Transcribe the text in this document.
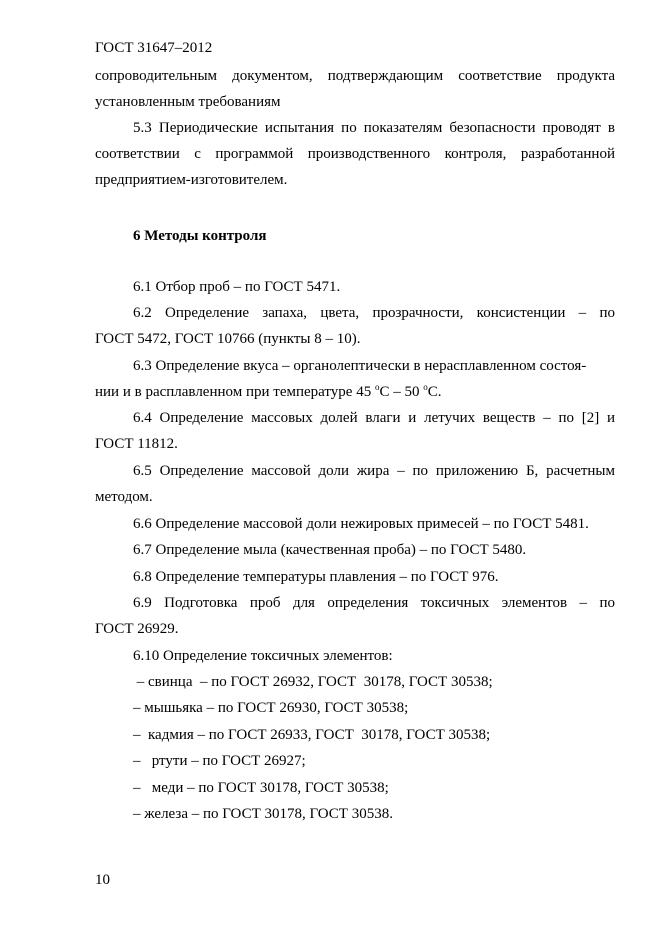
ГОСТ 31647–2012
сопроводительным документом, подтверждающим соответствие продукта
установленным требованиям
5.3 Периодические испытания по показателям безопасности проводят в
соответствии с программой производственного контроля, разработанной
предприятием-изготовителем.
6 Методы контроля
6.1 Отбор проб – по ГОСТ 5471.
6.2 Определение запаха, цвета, прозрачности, консистенции – по
ГОСТ 5472, ГОСТ 10766 (пункты 8 – 10).
6.3 Определение вкуса – органолептически в нерасплавленном состоя-
нии и в расплавленном при температуре 45 $^о$С – 50 $^о$С.
6.4 Определение массовых долей влаги и летучих веществ – по [2] и
ГОСТ 11812.
6.5 Определение массовой доли жира – по приложению Б, расчетным
методом.
6.6 Определение массовой доли нежировых примесей – по ГОСТ 5481.
6.7 Определение мыла (качественная проба) – по ГОСТ 5480.
6.8 Определение температуры плавления – по ГОСТ 976.
6.9 Подготовка проб для определения токсичных элементов – по
ГОСТ 26929.
6.10 Определение токсичных элементов:
– свинца  – по ГОСТ 26932, ГОСТ  30178, ГОСТ 30538;
– мышьяка – по ГОСТ 26930, ГОСТ 30538;
–  кадмия – по ГОСТ 26933, ГОСТ  30178, ГОСТ 30538;
–   ртути – по ГОСТ 26927;
–   меди – по ГОСТ 30178, ГОСТ 30538;
– железа – по ГОСТ 30178, ГОСТ 30538.
10
